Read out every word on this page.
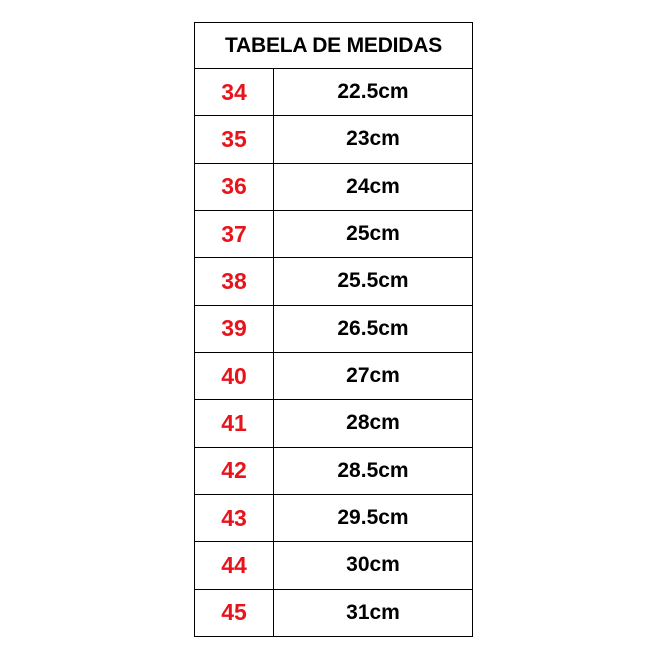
TABELA DE MEDIDAS
34	22.5cm
35	23cm
36	24cm
37	25cm
38	25.5cm
39	26.5cm
40	27cm
41	28cm
42	28.5cm
43	29.5cm
44	30cm
45	31cm
